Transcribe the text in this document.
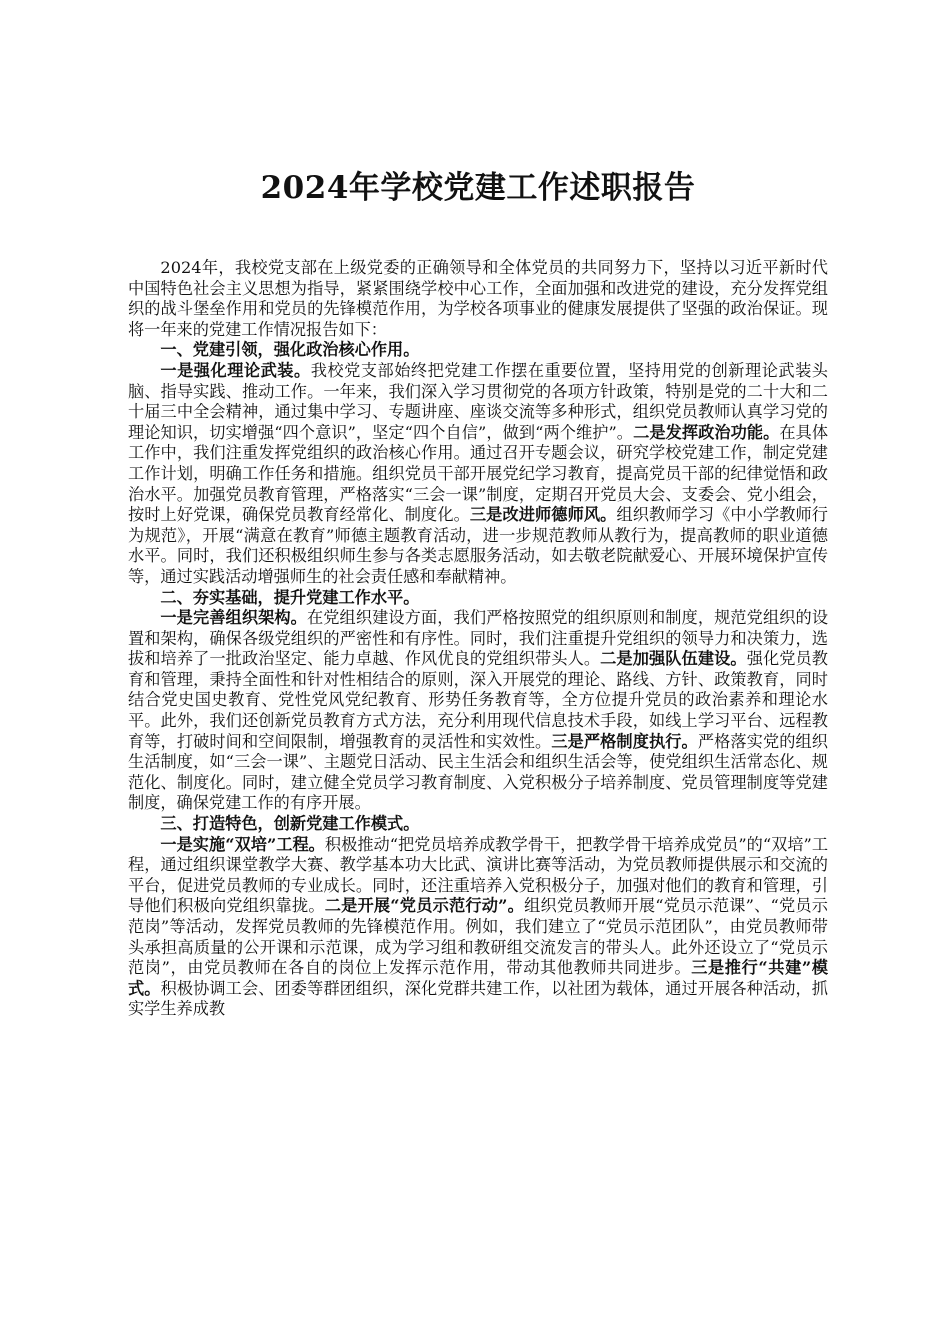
2024年学校党建工作述职报告

2024年，我校党支部在上级党委的正确领导和全体党员的共同努力下，坚持以习近平新时代中国特色社会主义思想为指导，紧紧围绕学校中心工作，全面加强和改进党的建设，充分发挥党组织的战斗堡垒作用和党员的先锋模范作用，为学校各项事业的健康发展提供了坚强的政治保证。现将一年来的党建工作情况报告如下：

一、党建引领，强化政治核心作用。

一是强化理论武装。我校党支部始终把党建工作摆在重要位置，坚持用党的创新理论武装头脑、指导实践、推动工作。一年来，我们深入学习贯彻党的各项方针政策，特别是党的二十大和二十届三中全会精神，通过集中学习、专题讲座、座谈交流等多种形式，组织党员教师认真学习党的理论知识，切实增强“四个意识”，坚定“四个自信”，做到“两个维护”。二是发挥政治功能。在具体工作中，我们注重发挥党组织的政治核心作用。通过召开专题会议，研究学校党建工作，制定党建工作计划，明确工作任务和措施。组织党员干部开展党纪学习教育，提高党员干部的纪律觉悟和政治水平。加强党员教育管理，严格落实“三会一课”制度，定期召开党员大会、支委会、党小组会，按时上好党课，确保党员教育经常化、制度化。三是改进师德师风。组织教师学习《中小学教师行为规范》，开展“满意在教育”师德主题教育活动，进一步规范教师从教行为，提高教师的职业道德水平。同时，我们还积极组织师生参与各类志愿服务活动，如去敬老院献爱心、开展环境保护宣传等，通过实践活动增强师生的社会责任感和奉献精神。

二、夯实基础，提升党建工作水平。

一是完善组织架构。在党组织建设方面，我们严格按照党的组织原则和制度，规范党组织的设置和架构，确保各级党组织的严密性和有序性。同时，我们注重提升党组织的领导力和决策力，选拔和培养了一批政治坚定、能力卓越、作风优良的党组织带头人。二是加强队伍建设。强化党员教育和管理，秉持全面性和针对性相结合的原则，深入开展党的理论、路线、方针、政策教育，同时结合党史国史教育、党性党风党纪教育、形势任务教育等，全方位提升党员的政治素养和理论水平。此外，我们还创新党员教育方式方法，充分利用现代信息技术手段，如线上学习平台、远程教育等，打破时间和空间限制，增强教育的灵活性和实效性。三是严格制度执行。严格落实党的组织生活制度，如“三会一课”、主题党日活动、民主生活会和组织生活会等，使党组织生活常态化、规范化、制度化。同时，建立健全党员学习教育制度、入党积极分子培养制度、党员管理制度等党建制度，确保党建工作的有序开展。

三、打造特色，创新党建工作模式。

一是实施“双培”工程。积极推动“把党员培养成教学骨干，把教学骨干培养成党员”的“双培”工程，通过组织课堂教学大赛、教学基本功大比武、演讲比赛等活动，为党员教师提供展示和交流的平台，促进党员教师的专业成长。同时，还注重培养入党积极分子，加强对他们的教育和管理，引导他们积极向党组织靠拢。二是开展“党员示范行动”。组织党员教师开展“党员示范课”、“党员示范岗”等活动，发挥党员教师的先锋模范作用。例如，我们建立了“党员示范团队”，由党员教师带头承担高质量的公开课和示范课，成为学习组和教研组交流发言的带头人。此外还设立了“党员示范岗”，由党员教师在各自的岗位上发挥示范作用，带动其他教师共同进步。三是推行“共建”模式。积极协调工会、团委等群团组织，深化党群共建工作，以社团为载体，通过开展各种活动，抓实学生养成教
